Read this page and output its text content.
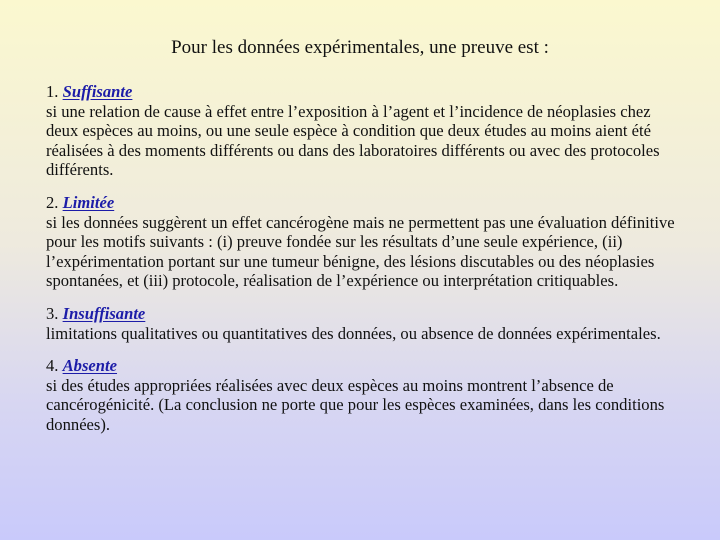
Pour les données expérimentales, une preuve est :
1. Suffisante
si une relation de cause à effet entre l’exposition à l’agent et l’incidence de néoplasies chez deux espèces au moins, ou une seule espèce à condition que deux études au moins aient été réalisées à des moments différents ou dans des laboratoires différents ou avec des protocoles différents.
2. Limitée
si les données suggèrent un effet cancérogène mais ne permettent pas une évaluation définitive pour les motifs suivants : (i) preuve fondée sur les résultats d’une seule expérience, (ii) l’expérimentation portant sur une tumeur bénigne, des lésions discutables ou des néoplasies spontanées, et (iii) protocole, réalisation de l’expérience ou interprétation critiquables.
3. Insuffisante
limitations qualitatives ou quantitatives des données, ou absence de données expérimentales.
4. Absente
si des études appropriées réalisées avec deux espèces au moins montrent l’absence de cancérogénicité. (La conclusion ne porte que pour les espèces examinées, dans les conditions données).
